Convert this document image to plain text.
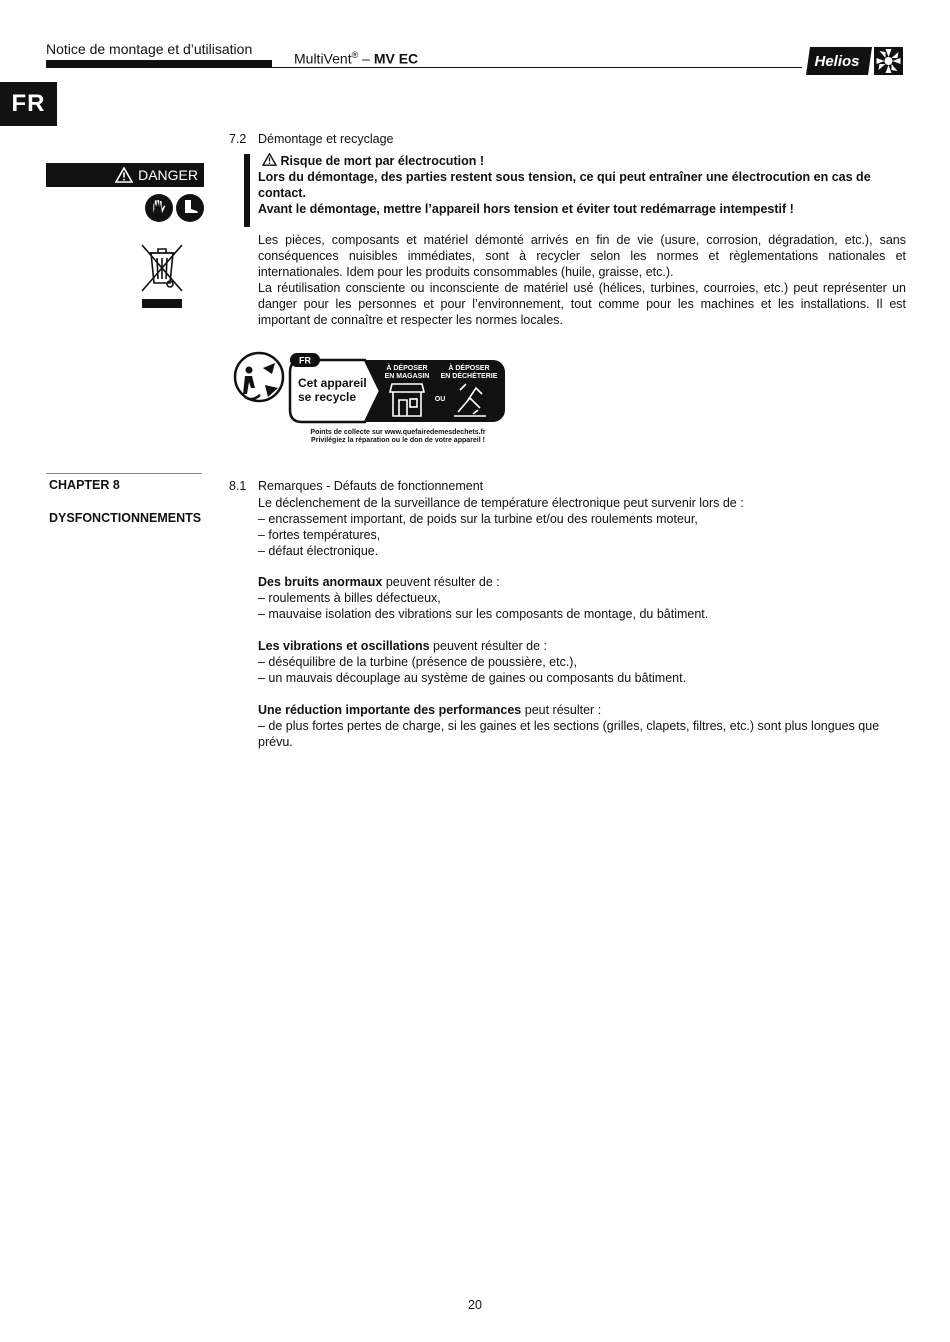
Notice de montage et d’utilisation
MultiVent® – MV EC	Helios
FR
7.2 Démontage et recyclage
DANGER
Risque de mort par électrocution !
Lors du démontage, des parties restent sous tension, ce qui peut entraîner une électrocution en cas de contact.
Avant le démontage, mettre l’appareil hors tension et éviter tout redémarrage intempestif !

Les pièces, composants et matériel démonté arrivés en fin de vie (usure, corrosion, dégradation, etc.), sans conséquences nuisibles immédiates, sont à recycler selon les normes et règlementations nationales et internationales. Idem pour les produits consommables (huile, graisse, etc.).

La réutilisation consciente ou inconsciente de matériel usé (hélices, turbines, courroies, etc.) peut représenter un danger pour les personnes et pour l’environnement, tout comme pour les machines et les installations. Il est important de connaître et respecter les normes locales.

FR
Cet appareil
se recycle
À DÉPOSER
EN MAGASIN
À DÉPOSER
EN DÉCHÈTERIE
OU
Points de collecte sur www.quefairedemesdechets.fr
Privilégiez la réparation ou le don de votre appareil !
CHAPTER 8
DYSFONCTIONNEMENTS
8.1 Remarques - Défauts de fonctionnement
Le déclenchement de la surveillance de température électronique peut survenir lors de :
– encrassement important, de poids sur la turbine et/ou des roulements moteur,
– fortes températures,
– défaut électronique.
Des bruits anormaux peuvent résulter de :
– roulements à billes défectueux,
– mauvaise isolation des vibrations sur les composants de montage, du bâtiment.
Les vibrations et oscillations peuvent résulter de :
– déséquilibre de la turbine (présence de poussière, etc.),
– un mauvais découplage au système de gaines ou composants du bâtiment.
Une réduction importante des performances peut résulter :
– de plus fortes pertes de charge, si les gaines et les sections (grilles, clapets, filtres, etc.) sont plus longues que prévu.
20
